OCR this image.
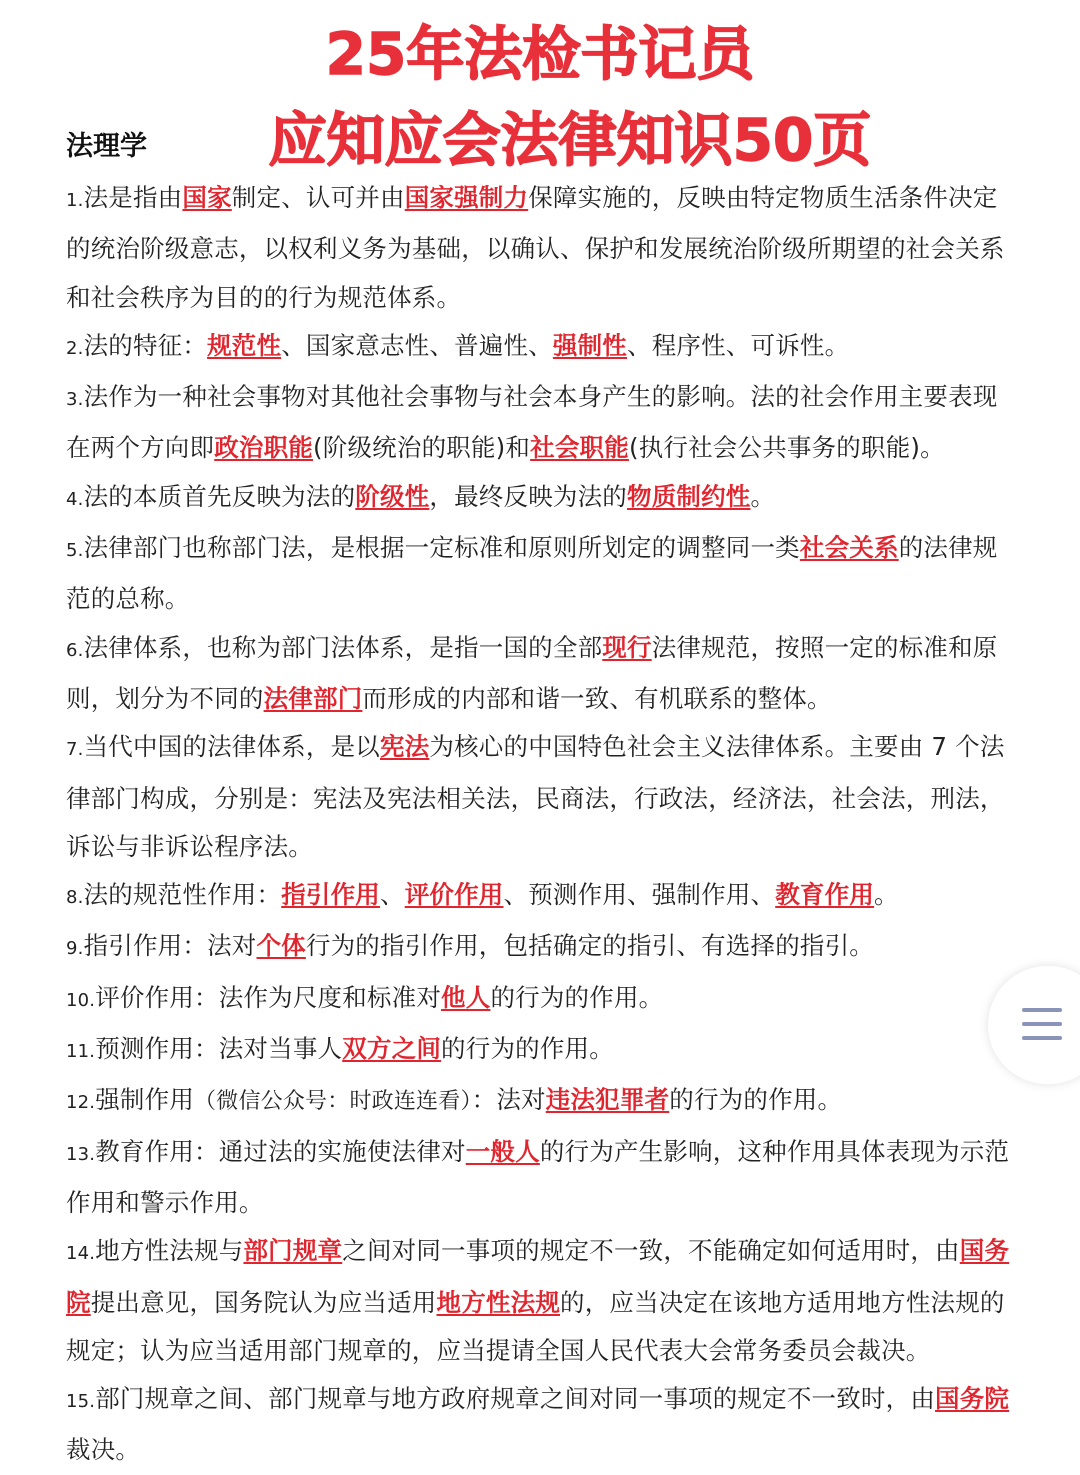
25年法检书记员
应知应会法律知识50页
法理学

1.法是指由国家制定、认可并由国家强制力保障实施的，反映由特定物质生活条件决定的统治阶级意志，以权利义务为基础，以确认、保护和发展统治阶级所期望的社会关系和社会秩序为目的的行为规范体系。

2.法的特征：规范性、国家意志性、普遍性、强制性、程序性、可诉性。

3.法作为一种社会事物对其他社会事物与社会本身产生的影响。法的社会作用主要表现在两个方向即政治职能(阶级统治的职能)和社会职能(执行社会公共事务的职能)。

4.法的本质首先反映为法的阶级性，最终反映为法的物质制约性。

5.法律部门也称部门法，是根据一定标准和原则所划定的调整同一类社会关系的法律规范的总称。

6.法律体系，也称为部门法体系，是指一国的全部现行法律规范，按照一定的标准和原则，划分为不同的法律部门而形成的内部和谐一致、有机联系的整体。

7.当代中国的法律体系，是以宪法为核心的中国特色社会主义法律体系。主要由 7 个法律部门构成，分别是：宪法及宪法相关法，民商法，行政法，经济法，社会法，刑法，诉讼与非诉讼程序法。

8.法的规范性作用：指引作用、评价作用、预测作用、强制作用、教育作用。

9.指引作用：法对个体行为的指引作用，包括确定的指引、有选择的指引。

10.评价作用：法作为尺度和标准对他人的行为的作用。

11.预测作用：法对当事人双方之间的行为的作用。

12.强制作用（微信公众号：时政连连看）：法对违法犯罪者的行为的作用。

13.教育作用：通过法的实施使法律对一般人的行为产生影响，这种作用具体表现为示范作用和警示作用。

14.地方性法规与部门规章之间对同一事项的规定不一致，不能确定如何适用时，由国务院提出意见，国务院认为应当适用地方性法规的，应当决定在该地方适用地方性法规的规定；认为应当适用部门规章的，应当提请全国人民代表大会常务委员会裁决。

15.部门规章之间、部门规章与地方政府规章之间对同一事项的规定不一致时，由国务院裁决。
